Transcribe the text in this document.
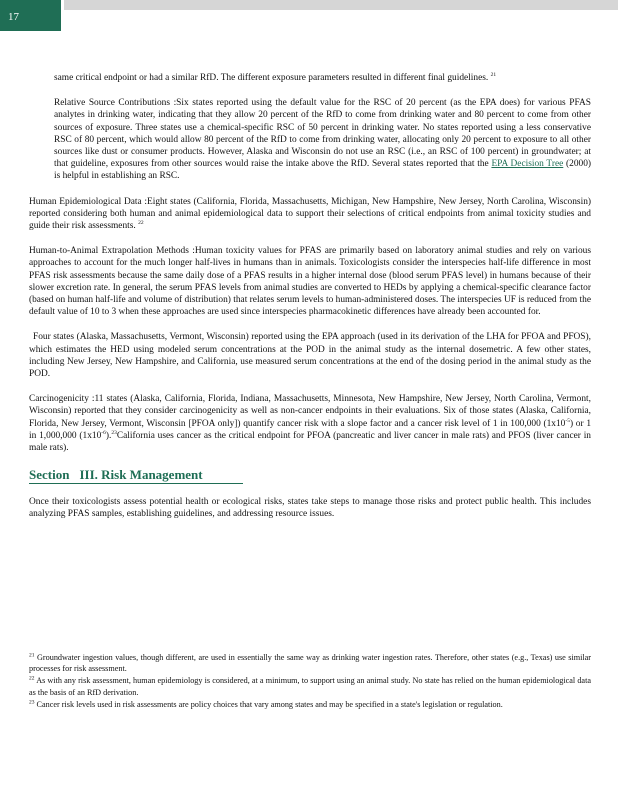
17

same critical endpoint or had a similar RfD. The different exposure parameters resulted in different final guidelines. $^{21}$

Relative Source Contributions :Six states reported using the default value for the RSC of 20 percent (as the EPA does) for various PFAS analytes in drinking water, indicating that they allow 20 percent of the RfD to come from drinking water and 80 percent to come from other sources of exposure. Three states use a chemical-specific RSC of 50 percent in drinking water. No states reported using a less conservative RSC of 80 percent, which would allow 80 percent of the RfD to come from drinking water, allocating only 20 percent to exposure to all other sources like dust or consumer products. However, Alaska and Wisconsin do not use an RSC (i.e., an RSC of 100 percent) in groundwater; at that guideline, exposures from other sources would raise the intake above the RfD. Several states reported that the EPA Decision Tree (2000) is helpful in establishing an RSC.

Human Epidemiological Data :Eight states (California, Florida, Massachusetts, Michigan, New Hampshire, New Jersey, North Carolina, Wisconsin) reported considering both human and animal epidemiological data to support their selections of critical endpoints from animal toxicity studies and guide their risk assessments. $^{22}$

Human-to-Animal Extrapolation Methods :Human toxicity values for PFAS are primarily based on laboratory animal studies and rely on various approaches to account for the much longer half-lives in humans than in animals. Toxicologists consider the interspecies half-life difference in most PFAS risk assessments because the same daily dose of a PFAS results in a higher internal dose (blood serum PFAS level) in humans because of their slower excretion rate. In general, the serum PFAS levels from animal studies are converted to HEDs by applying a chemical-specific clearance factor (based on human half-life and volume of distribution) that relates serum levels to human-administered doses. The interspecies UF is reduced from the default value of 10 to 3 when these approaches are used since interspecies pharmacokinetic differences have already been accounted for.

Four states (Alaska, Massachusetts, Vermont, Wisconsin) reported using the EPA approach (used in its derivation of the LHA for PFOA and PFOS), which estimates the HED using modeled serum concentrations at the POD in the animal study as the internal dosemetric. A few other states, including New Jersey, New Hampshire, and California, use measured serum concentrations at the end of the dosing period in the animal study as the POD.

Carcinogenicity :11 states (Alaska, California, Florida, Indiana, Massachusetts, Minnesota, New Hampshire, New Jersey, North Carolina, Vermont, Wisconsin) reported that they consider carcinogenicity as well as non-cancer endpoints in their evaluations. Six of those states (Alaska, California, Florida, New Jersey, Vermont, Wisconsin [PFOA only]) quantify cancer risk with a slope factor and a cancer risk level of 1 in 100,000 $(1x10^{-5})$ or 1 in 1,000,000 $(1x10^{-6}).^{23}California$ uses cancer as the critical endpoint for PFOA (pancreatic and liver cancer in male rats) and PFOS (liver cancer in male rats).

Section III. Risk Management

Once their toxicologists assess potential health or ecological risks, states take steps to manage those risks and protect public health. This includes analyzing PFAS samples, establishing guidelines, and addressing resource issues.

$^{21}$ Groundwater ingestion values, though different, are used in essentially the same way as drinking water ingestion rates. Therefore, other states (e.g., Texas) use similar processes for risk assessment.

$^{22}$ As with any risk assessment, human epidemiology is considered, at a minimum, to support using an animal study. No state has relied on the human epidemiological data as the basis of an RfD derivation.

$^{23}$ Cancer risk levels used in risk assessments are policy choices that vary among states and may be specified in a state's legislation or regulation.
